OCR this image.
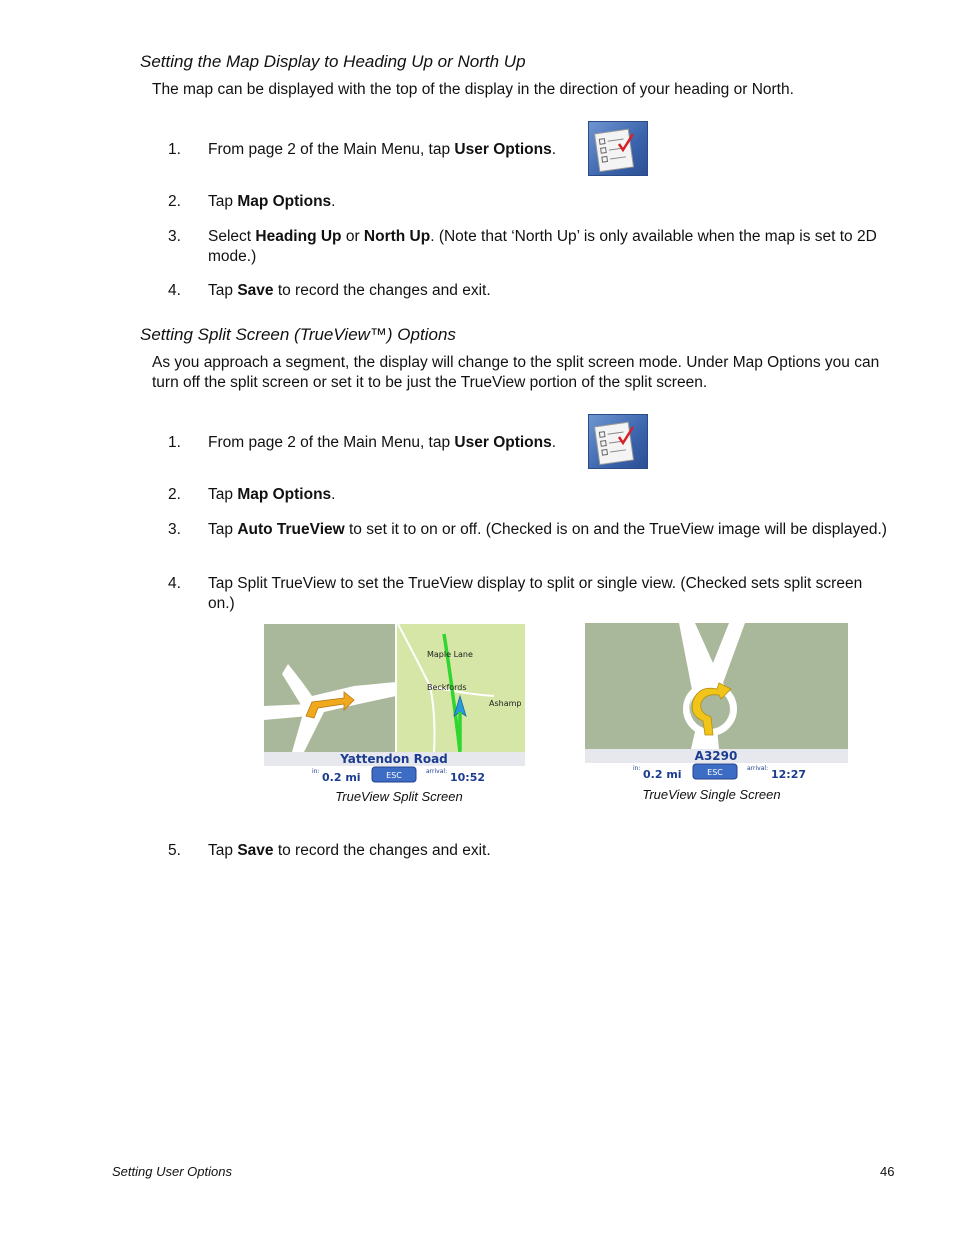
Setting the Map Display to Heading Up or North Up
The map can be displayed with the top of the display in the direction of your heading or North.
1. From page 2 of the Main Menu, tap User Options.
2. Tap Map Options.
3. Select Heading Up or North Up. (Note that ‘North Up’ is only available when the map is set to 2D mode.)
4. Tap Save to record the changes and exit.
Setting Split Screen (TrueView™) Options
As you approach a segment, the display will change to the split screen mode. Under Map Options you can turn off the split screen or set it to be just the TrueView portion of the split screen.
1. From page 2 of the Main Menu, tap User Options.
2. Tap Map Options.
3. Tap Auto TrueView to set it to on or off. (Checked is on and the TrueView image will be displayed.)
4. Tap Split TrueView to set the TrueView display to split or single view. (Checked sets split screen on.)
Maple Lane
Beckfords
Ashamp
Yattendon Road
in: 0.2 mi	ESC	arrival: 10:52
TrueView Split Screen
A3290
in: 0.2 mi	ESC	arrival: 12:27
TrueView Single Screen
5. Tap Save to record the changes and exit.
Setting User Options	46
